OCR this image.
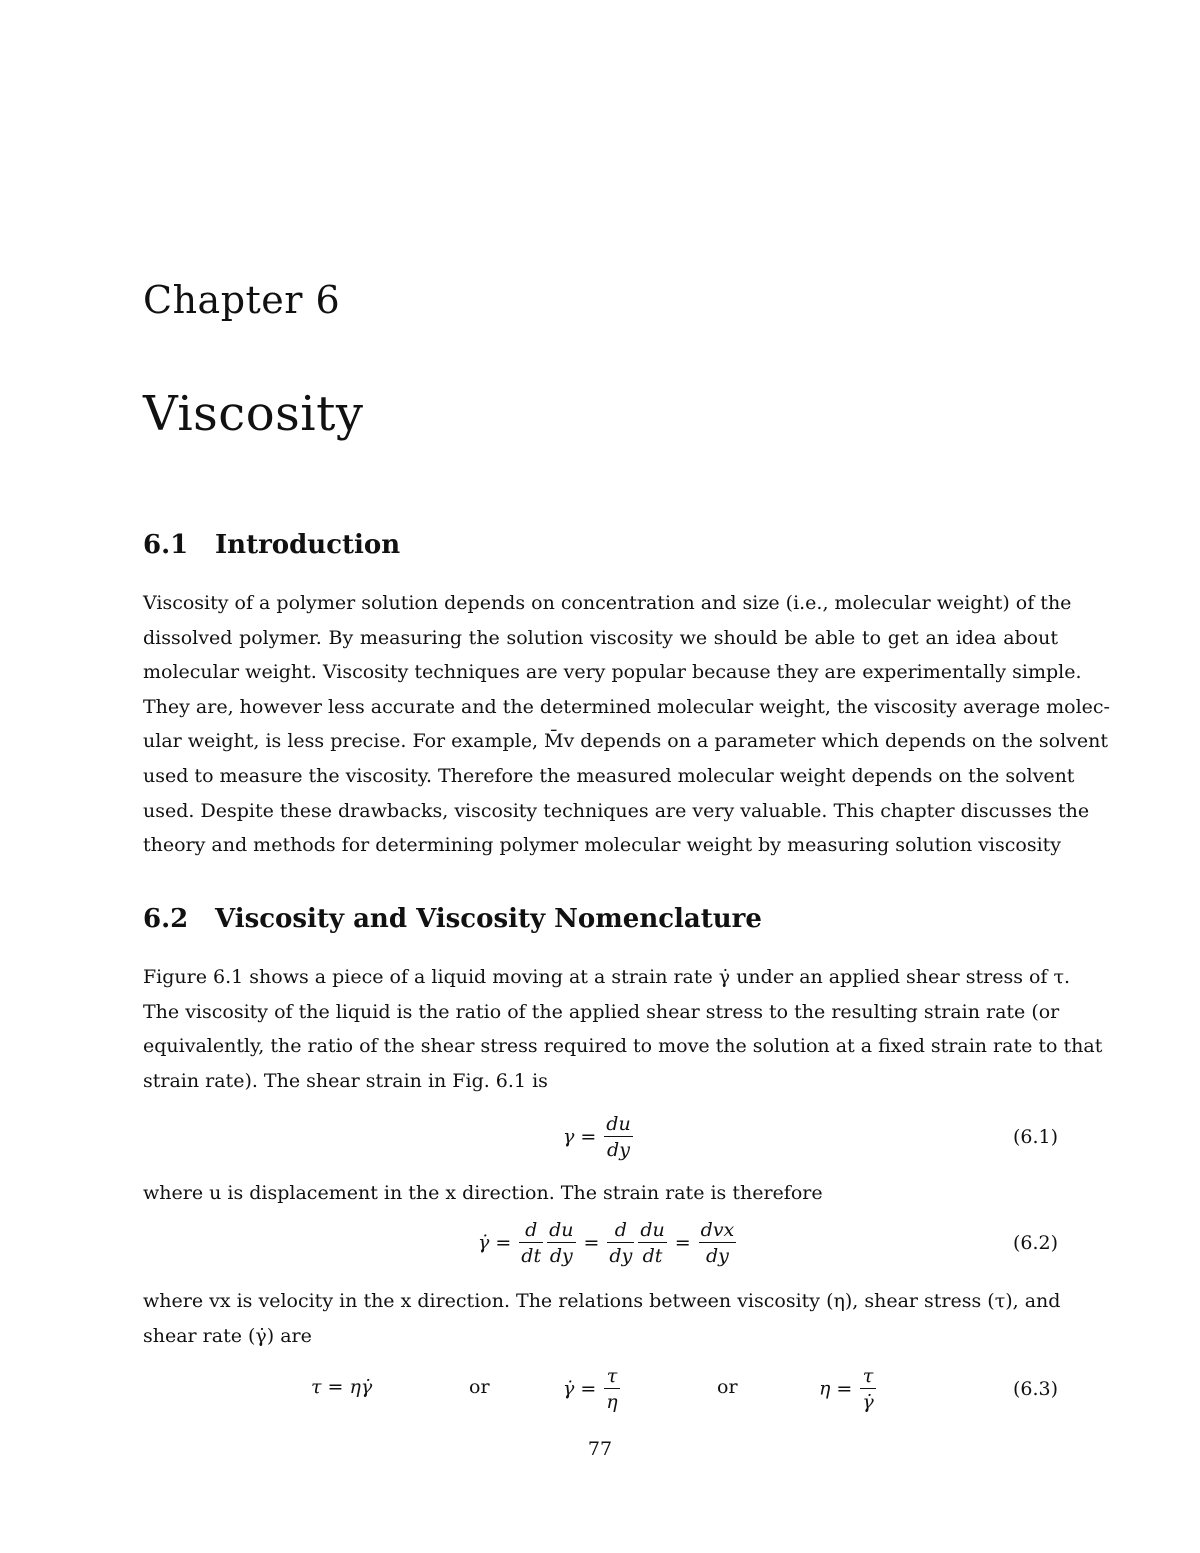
Chapter 6
Viscosity
6.1 Introduction
Viscosity of a polymer solution depends on concentration and size (i.e., molecular weight) of the
dissolved polymer. By measuring the solution viscosity we should be able to get an idea about
molecular weight. Viscosity techniques are very popular because they are experimentally simple.
They are, however less accurate and the determined molecular weight, the viscosity average molec-
ular weight, is less precise. For example, M̄v depends on a parameter which depends on the solvent
used to measure the viscosity. Therefore the measured molecular weight depends on the solvent
used. Despite these drawbacks, viscosity techniques are very valuable. This chapter discusses the
theory and methods for determining polymer molecular weight by measuring solution viscosity
6.2 Viscosity and Viscosity Nomenclature
Figure 6.1 shows a piece of a liquid moving at a strain rate γ̇ under an applied shear stress of τ.
The viscosity of the liquid is the ratio of the applied shear stress to the resulting strain rate (or
equivalently, the ratio of the shear stress required to move the solution at a fixed strain rate to that
strain rate). The shear strain in Fig. 6.1 is
$\gamma = \frac{du}{dy}$	(6.1)
where u is displacement in the x direction. The strain rate is therefore
γ̇ = $\frac{d}{dt} \frac{du}{dy} = \frac{d}{dy} \frac{du}{dt} = \frac{\text{dvx}}{dy}$	(6.2)
where vx is velocity in the x direction. The relations between viscosity (η), shear stress (τ), and
shear rate (γ̇) are
τ = ηγ̇	or	γ̇ = $\frac{\tau}{\eta}$	or	$\eta = \frac{\tau}{\gammȧ}$	(6.3)
77
